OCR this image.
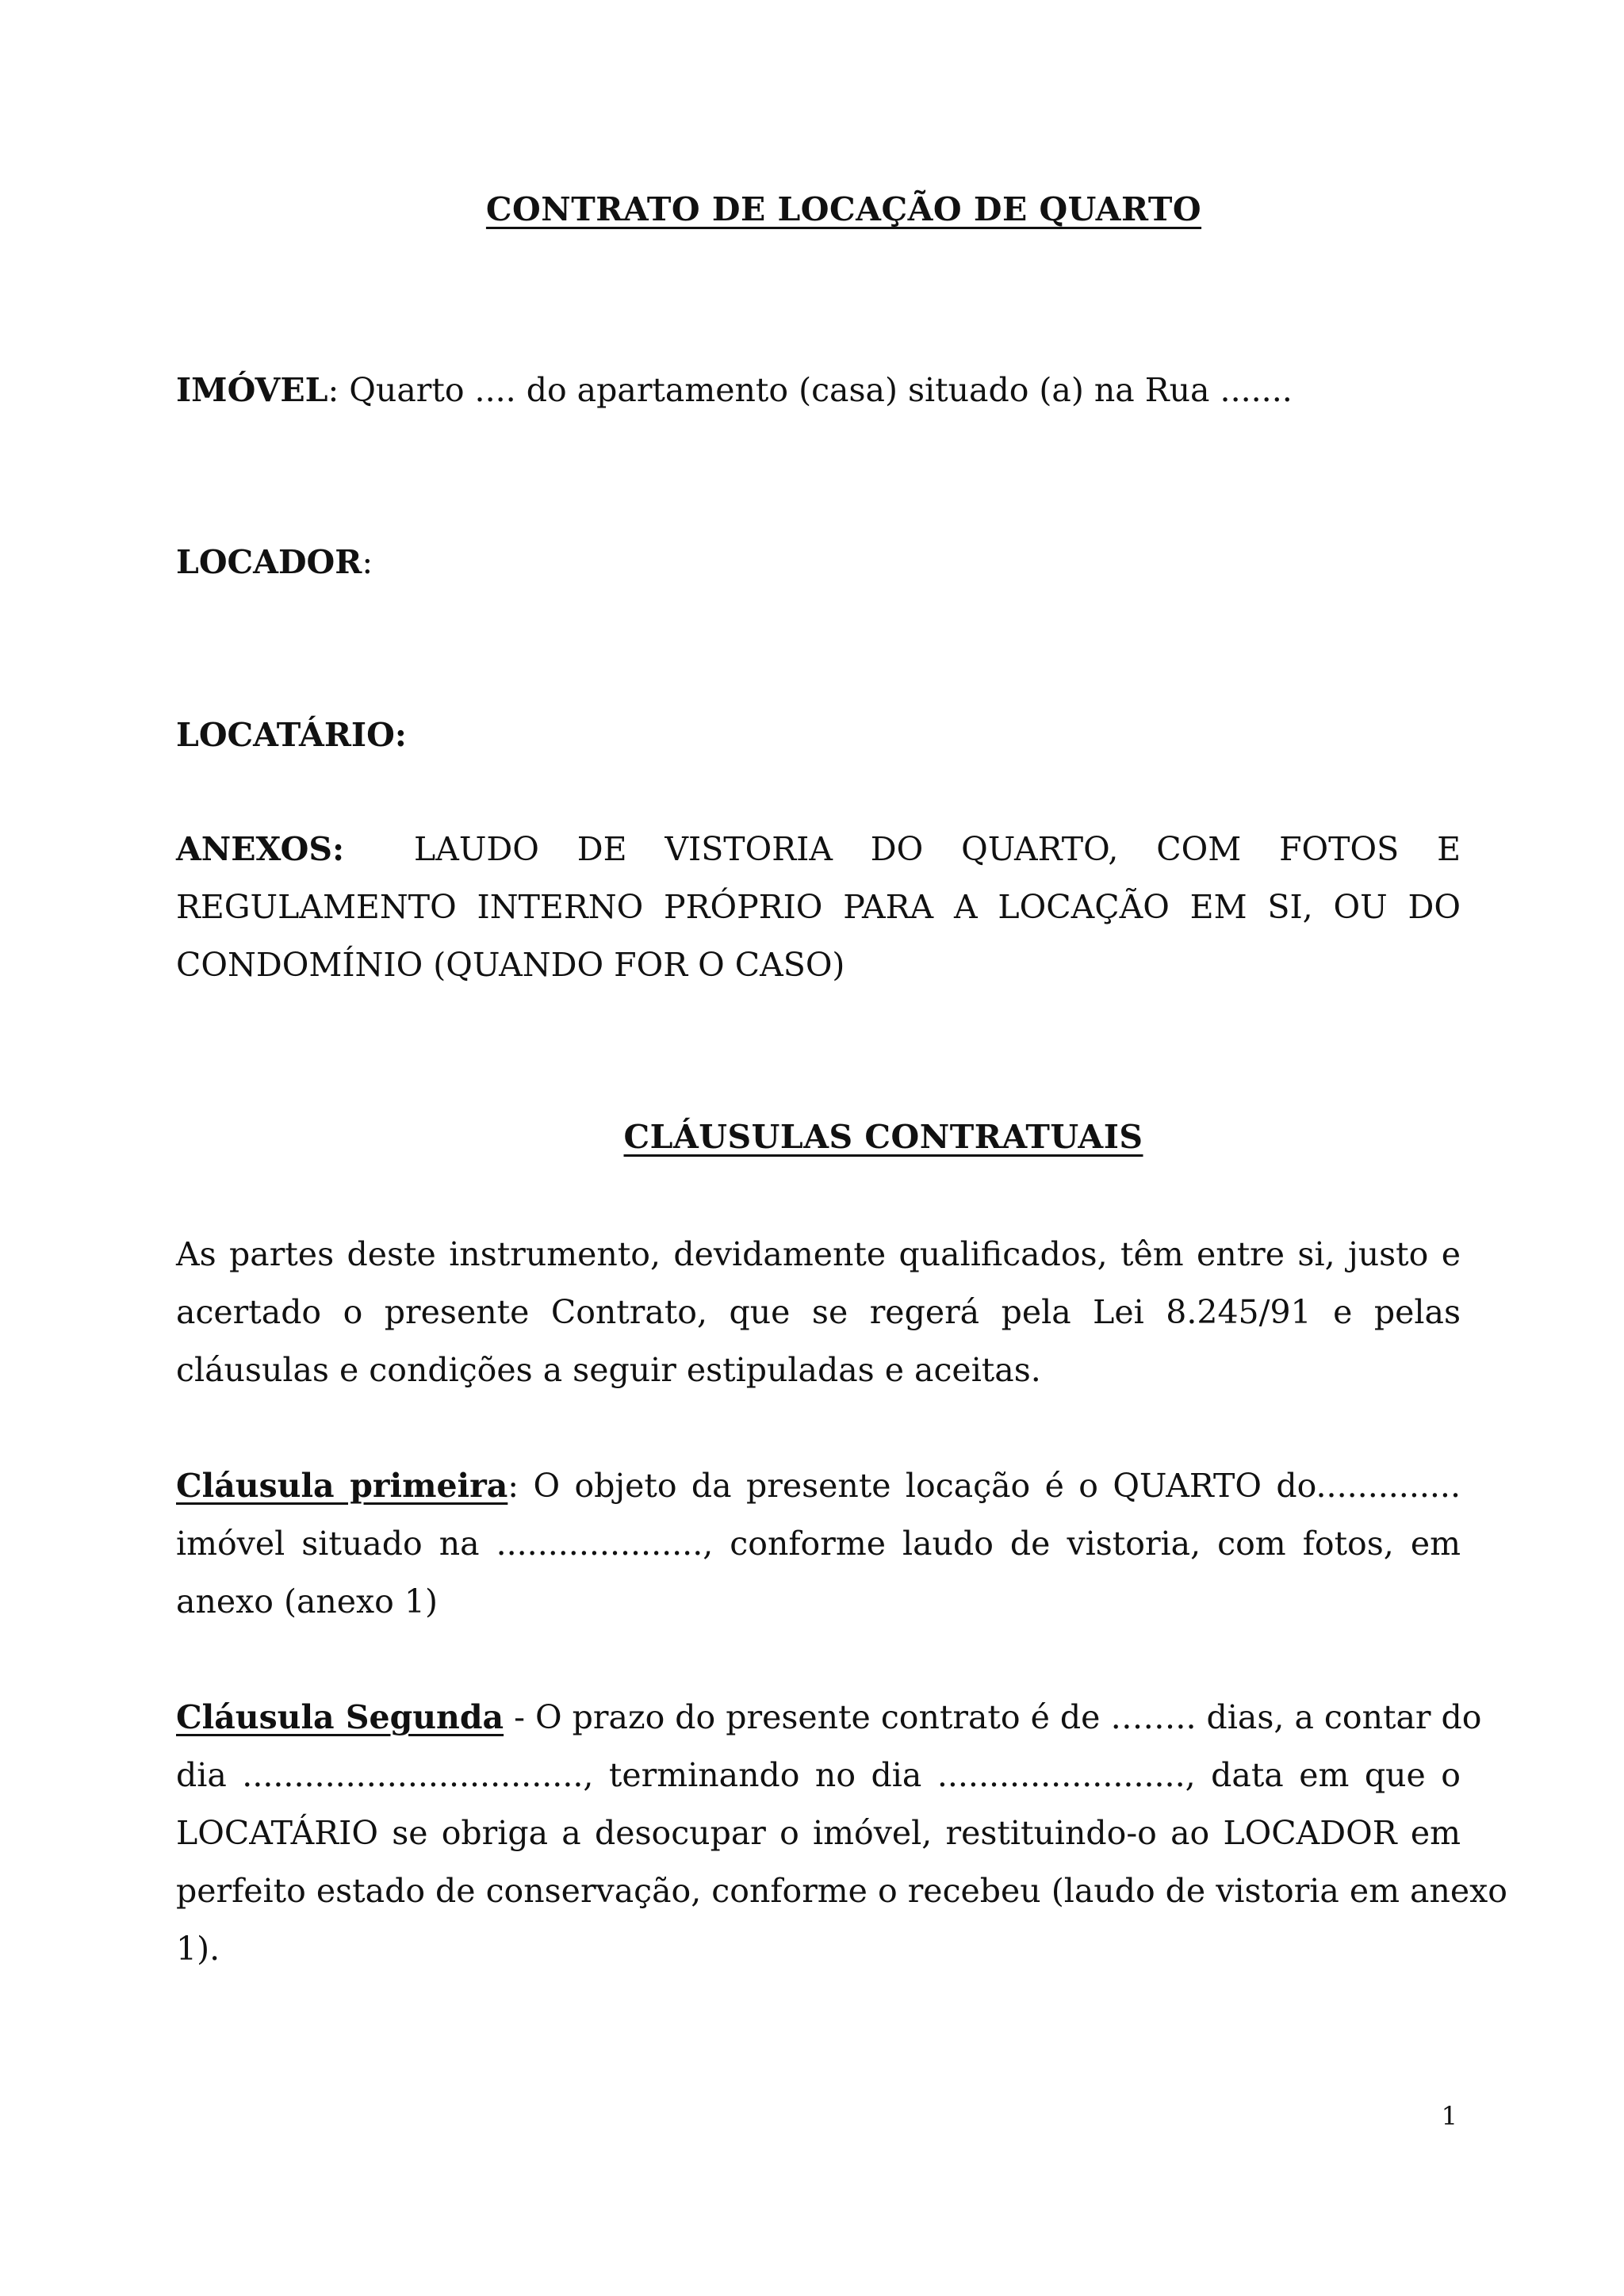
CONTRATO DE LOCAÇÃO DE QUARTO
IMÓVEL: Quarto .... do apartamento (casa) situado (a) na Rua .......
LOCADOR:
LOCATÁRIO:
ANEXOS: LAUDO DE VISTORIA DO QUARTO, COM FOTOS E
REGULAMENTO INTERNO PRÓPRIO PARA A LOCAÇÃO EM SI, OU DO
CONDOMÍNIO (QUANDO FOR O CASO)
CLÁUSULAS CONTRATUAIS
As partes deste instrumento, devidamente qualificados, têm entre si, justo e
acertado o presente Contrato, que se regerá pela Lei 8.245/91 e pelas
cláusulas e condições a seguir estipuladas e aceitas.
Cláusula primeira: O objeto da presente locação é o QUARTO do..............
imóvel situado na ...................., conforme laudo de vistoria, com fotos, em
anexo (anexo 1)
Cláusula Segunda - O prazo do presente contrato é de …….. dias, a contar do
dia ................................., terminando no dia ........................, data em que o
LOCATÁRIO se obriga a desocupar o imóvel, restituindo-o ao LOCADOR em
perfeito estado de conservação, conforme o recebeu (laudo de vistoria em anexo
1).
1
